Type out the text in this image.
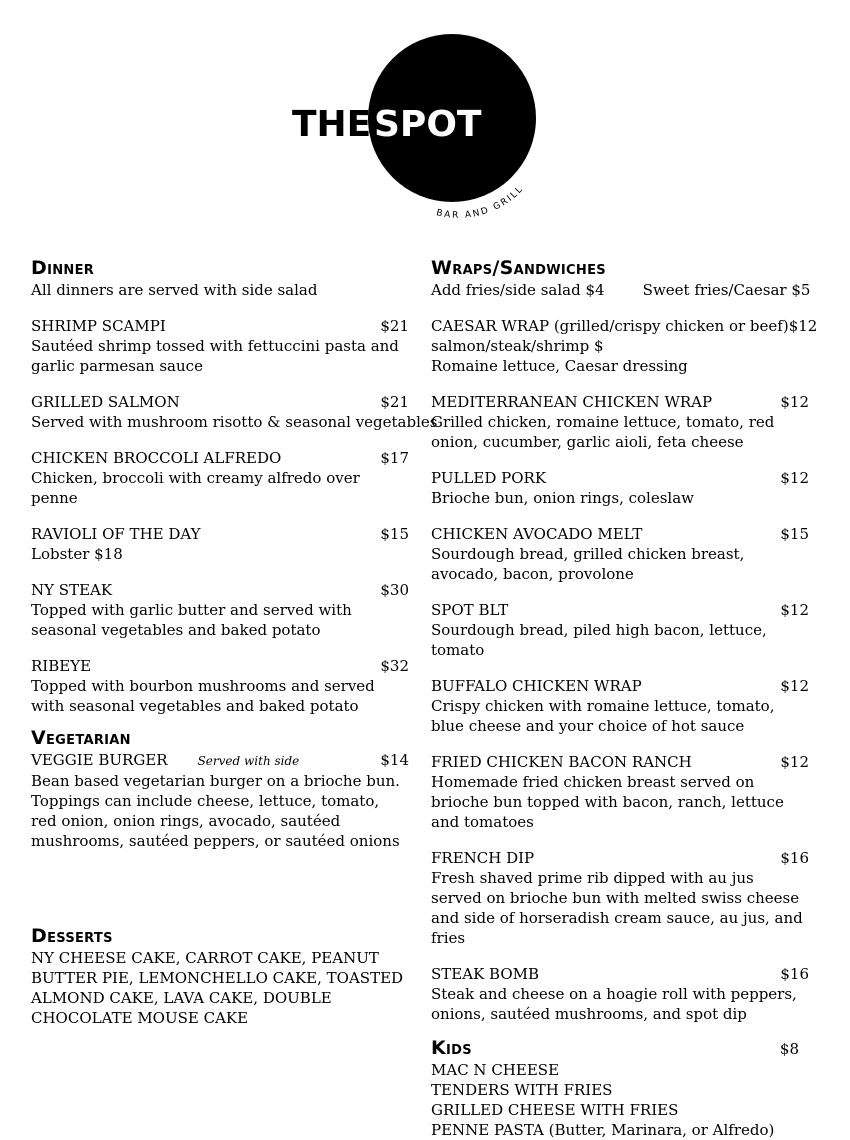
THE SPOT
BAR AND GRILL
Dinner
All dinners are served with side salad
SHRIMP SCAMPI	$21
Sautéed shrimp tossed with fettuccini pasta and garlic parmesan sauce
GRILLED SALMON	$21
Served with mushroom risotto & seasonal vegetables
CHICKEN BROCCOLI ALFREDO	$17
Chicken, broccoli with creamy alfredo over penne
RAVIOLI OF THE DAY	$15
Lobster $18
NY STEAK	$30
Topped with garlic butter and served with seasonal vegetables and baked potato
RIBEYE	$32
Topped with bourbon mushrooms and served with seasonal vegetables and baked potato
Vegetarian
VEGGIE BURGER	Served with side	$14
Bean based vegetarian burger on a brioche bun. Toppings can include cheese, lettuce, tomato, red onion, onion rings, avocado, sautéed mushrooms, sautéed peppers, or sautéed onions
Desserts
NY CHEESE CAKE, CARROT CAKE, PEANUT BUTTER PIE, LEMONCHELLO CAKE, TOASTED ALMOND CAKE, LAVA CAKE, DOUBLE CHOCOLATE MOUSE CAKE
Wraps/Sandwiches
Add fries/side salad $4        Sweet fries/Caesar $5
CAESAR WRAP (grilled/crispy chicken or beef) $12
salmon/steak/shrimp $
Romaine lettuce, Caesar dressing
MEDITERRANEAN CHICKEN WRAP	$12
Grilled chicken, romaine lettuce, tomato, red onion, cucumber, garlic aioli, feta cheese
PULLED PORK	$12
Brioche bun, onion rings, coleslaw
CHICKEN AVOCADO MELT	$15
Sourdough bread, grilled chicken breast, avocado, bacon, provolone
SPOT BLT	$12
Sourdough bread, piled high bacon, lettuce, tomato
BUFFALO CHICKEN WRAP	$12
Crispy chicken with romaine lettuce, tomato, blue cheese and your choice of hot sauce
FRIED CHICKEN BACON RANCH	$12
Homemade fried chicken breast served on brioche bun topped with bacon, ranch, lettuce and tomatoes
FRENCH DIP	$16
Fresh shaved prime rib dipped with au jus served on brioche bun with melted swiss cheese and side of horseradish cream sauce, au jus, and fries
STEAK BOMB	$16
Steak and cheese on a hoagie roll with peppers, onions, sautéed mushrooms, and spot dip
Kids	$8
MAC N CHEESE
TENDERS WITH FRIES
GRILLED CHEESE WITH FRIES
PENNE PASTA (Butter, Marinara, or Alfredo)
